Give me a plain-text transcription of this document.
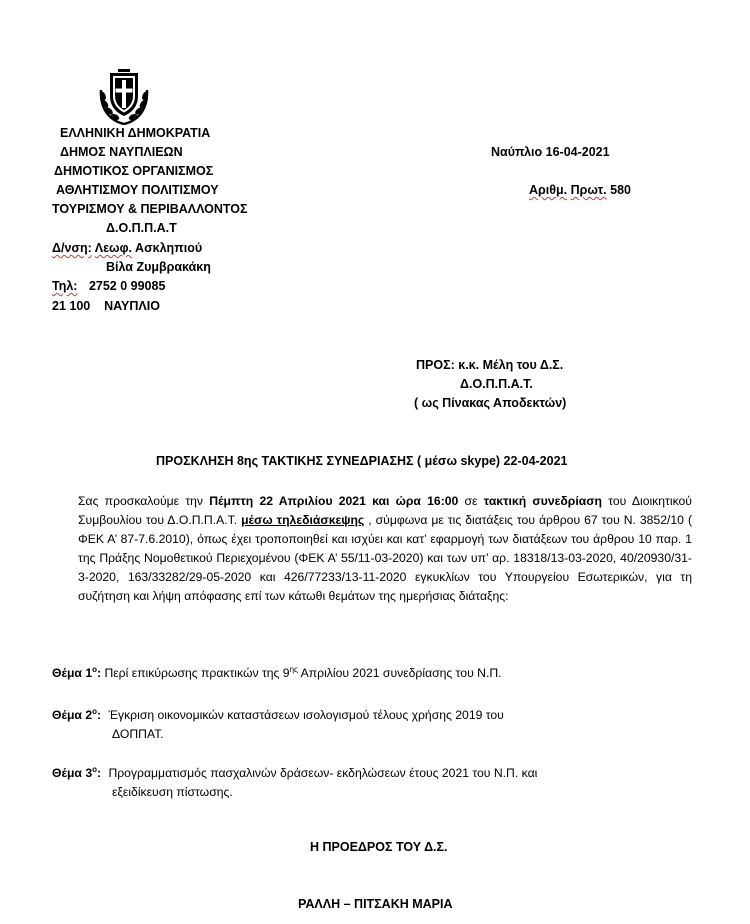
ΕΛΛΗΝΙΚΗ ΔΗΜΟΚΡΑΤΙΑ
ΔΗΜΟΣ ΝΑΥΠΛΙΕΩΝ
ΔΗΜΟΤΙΚΟΣ ΟΡΓΑΝΙΣΜΟΣ
ΑΘΛΗΤΙΣΜΟΥ ΠΟΛΙΤΙΣΜΟΥ
ΤΟΥΡΙΣΜΟΥ & ΠΕΡΙΒΑΛΛΟΝΤΟΣ
Δ.Ο.Π.Π.Α.Τ
Δ/νση: Λεωφ. Ασκληπιού
Βίλα Ζυμβρακάκη
Τηλ: 2752 0 99085
21 100    ΝΑΥΠΛΙΟ
Ναύπλιο 16-04-2021
Αριθμ. Πρωτ. 580
ΠΡΟΣ: κ.κ. Μέλη του Δ.Σ.
Δ.Ο.Π.Π.Α.Τ.
( ως Πίνακας Αποδεκτών)
ΠΡΟΣΚΛΗΣΗ 8ης ΤΑΚΤΙΚΗΣ ΣΥΝΕΔΡΙΑΣΗΣ ( μέσω skype) 22-04-2021
Σας προσκαλούμε την Πέμπτη 22 Απριλίου 2021 και ώρα 16:00 σε τακτική συνεδρίαση του Διοικητικού Συμβουλίου του Δ.Ο.Π.Π.Α.Τ. μέσω τηλεδιάσκεψης , σύμφωνα με τις διατάξεις του άρθρου 67 του Ν. 3852/10 ( ΦΕΚ Α’ 87-7.6.2010), όπως έχει τροποποιηθεί και ισχύει και κατ’ εφαρμογή των διατάξεων του άρθρου 10 παρ. 1 της Πράξης Νομοθετικού Περιεχομένου (ΦΕΚ Α’ 55/11-03-2020) και των υπ’ αρ. 18318/13-03-2020, 40/20930/31-3-2020, 163/33282/29-05-2020 και 426/77233/13-11-2020 εγκυκλίων του Υπουργείου Εσωτερικών, για τη συζήτηση και λήψη απόφασης επί των κάτωθι θεμάτων της ημερήσιας διάταξης:
Θέμα $1^o$: Περί επικύρωσης πρακτικών της $9^{\eta\varsigma}$ Απριλίου 2021 συνεδρίασης του Ν.Π.
Θέμα $2^o$: Έγκριση οικονομικών καταστάσεων ισολογισμού τέλους χρήσης 2019 του
ΔΟΠΠΑΤ.
Θέμα $3^o$: Προγραμματισμός πασχαλινών δράσεων- εκδηλώσεων έτους 2021 του Ν.Π. και
εξειδίκευση πίστωσης.
Η ΠΡΟΕΔΡΟΣ ΤΟΥ Δ.Σ.
ΡΑΛΛΗ – ΠΙΤΣΑΚΗ ΜΑΡΙΑ
